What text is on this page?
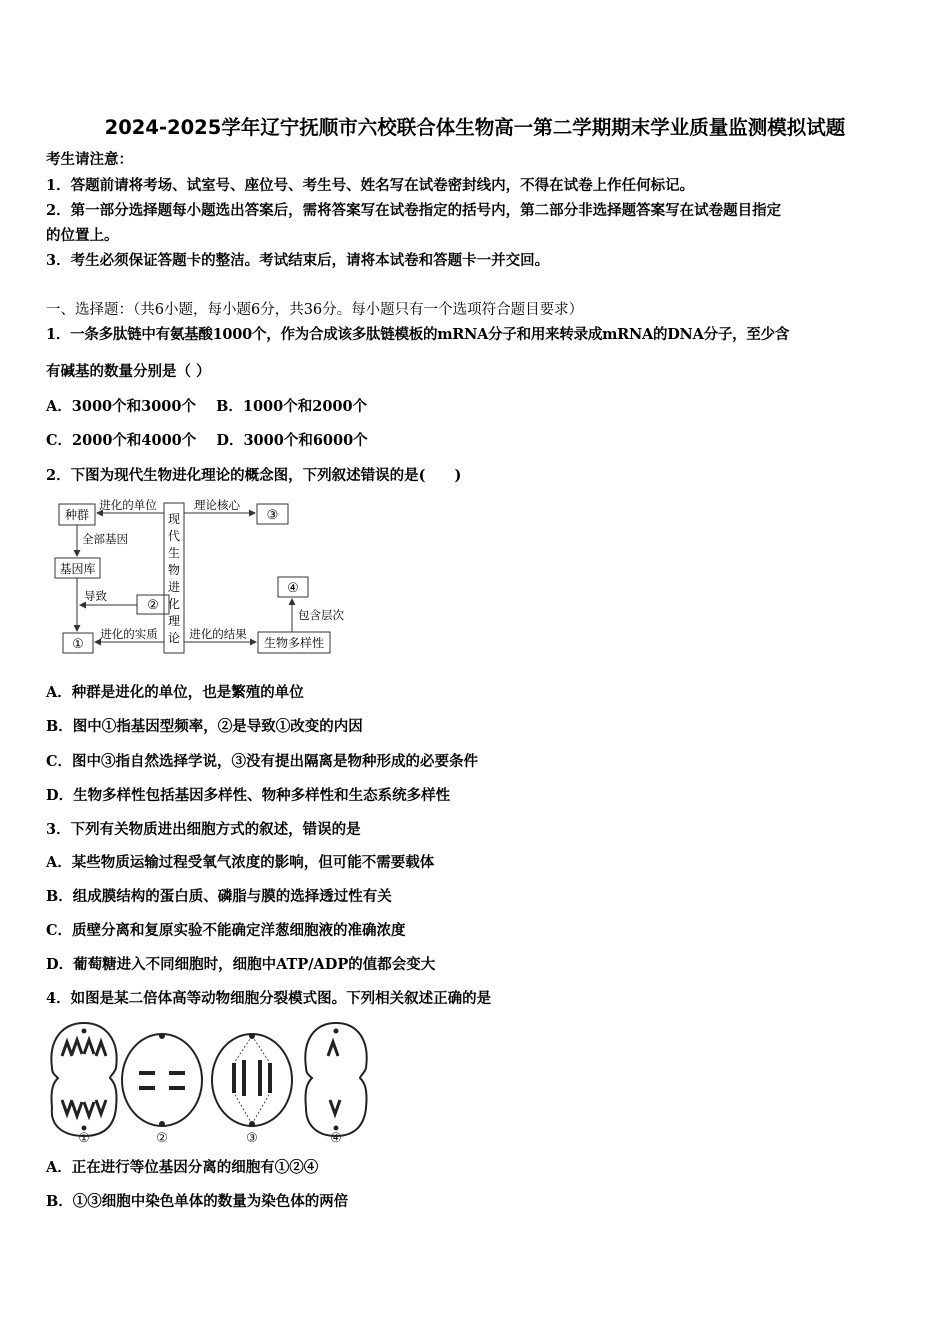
2024-2025学年辽宁抚顺市六校联合体生物高一第二学期期末学业质量监测模拟试题
考生请注意：
1．答题前请将考场、试室号、座位号、考生号、姓名写在试卷密封线内，不得在试卷上作任何标记。
2．第一部分选择题每小题选出答案后，需将答案写在试卷指定的括号内，第二部分非选择题答案写在试卷题目指定
的位置上。
3．考生必须保证答题卡的整洁。考试结束后，请将本试卷和答题卡一并交回。
一、选择题：（共6小题，每小题6分，共36分。每小题只有一个选项符合题目要求）
1．一条多肽链中有氨基酸1000个，作为合成该多肽链模板的mRNA分子和用来转录成mRNA的DNA分子，至少含
有碱基的数量分别是（ ）
A．3000个和3000个 B．1000个和2000个
C．2000个和4000个 D．3000个和6000个
2．下图为现代生物进化理论的概念图，下列叙述错误的是(　　)
种群	现
代
生
物
进
化
理
论
进化的单位	理论核心
③
全部基因
基因库
②
导致
①
进化的实质	进化的结果
生物多样性
包含层次
④
A．种群是进化的单位，也是繁殖的单位
B．图中①指基因型频率，②是导致①改变的内因
C．图中③指自然选择学说，③没有提出隔离是物种形成的必要条件
D．生物多样性包括基因多样性、物种多样性和生态系统多样性
3．下列有关物质进出细胞方式的叙述，错误的是
A．某些物质运输过程受氧气浓度的影响，但可能不需要载体
B．组成膜结构的蛋白质、磷脂与膜的选择透过性有关
C．质壁分离和复原实验不能确定洋葱细胞液的准确浓度
D．葡萄糖进入不同细胞时，细胞中ATP/ADP的值都会变大
4．如图是某二倍体高等动物细胞分裂模式图。下列相关叙述正确的是
①	②	③	④
A．正在进行等位基因分离的细胞有①②④
B．①③细胞中染色单体的数量为染色体的两倍
